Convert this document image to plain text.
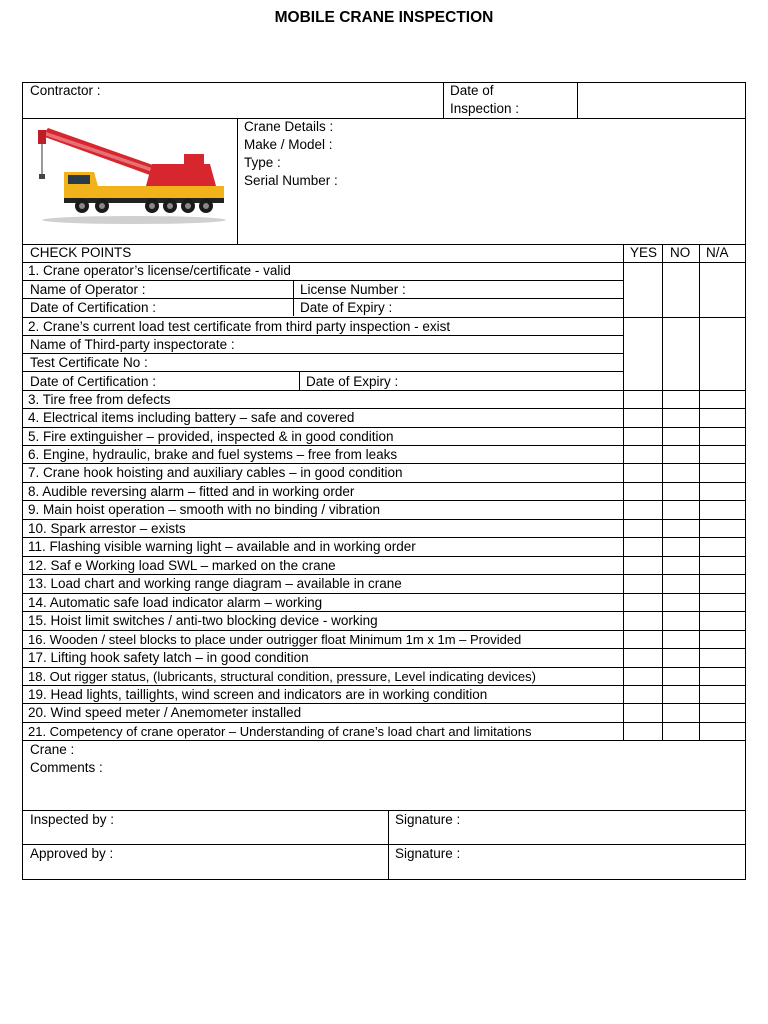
MOBILE CRANE INSPECTION
Contractor :	Date of
Inspection :
Crane Details :
Make / Model :
Type :
Serial Number :
CHECK POINTS	YES NO N/A
1. Crane operator’s license/certificate - valid
Name of Operator :	License Number :
Date of Certification :	Date of Expiry :
2. Crane’s current load test certificate from third party inspection - exist
Name of Third-party inspectorate :
Test Certificate No :
Date of Certification :	Date of Expiry :
3. Tire free from defects
4. Electrical items including battery – safe and covered
5. Fire extinguisher – provided, inspected & in good condition
6. Engine, hydraulic, brake and fuel systems – free from leaks
7. Crane hook hoisting and auxiliary cables – in good condition
8. Audible reversing alarm – fitted and in working order
9. Main hoist operation – smooth with no binding / vibration
10. Spark arrestor – exists
11. Flashing visible warning light – available and in working order
12. Saf e Working load SWL – marked on the crane
13. Load chart and working range diagram – available in crane
14. Automatic safe load indicator alarm – working
15. Hoist limit switches / anti-two blocking device - working
16. Wooden / steel blocks to place under outrigger float Minimum 1m x 1m – Provided
17. Lifting hook safety latch – in good condition
18. Out rigger status, (lubricants, structural condition, pressure, Level indicating devices)
19. Head lights, taillights, wind screen and indicators are in working condition
20. Wind speed meter / Anemometer installed
21. Competency of crane operator – Understanding of crane’s load chart and limitations
Crane :
Comments :
Inspected by :	Signature :
Approved by :	Signature :
